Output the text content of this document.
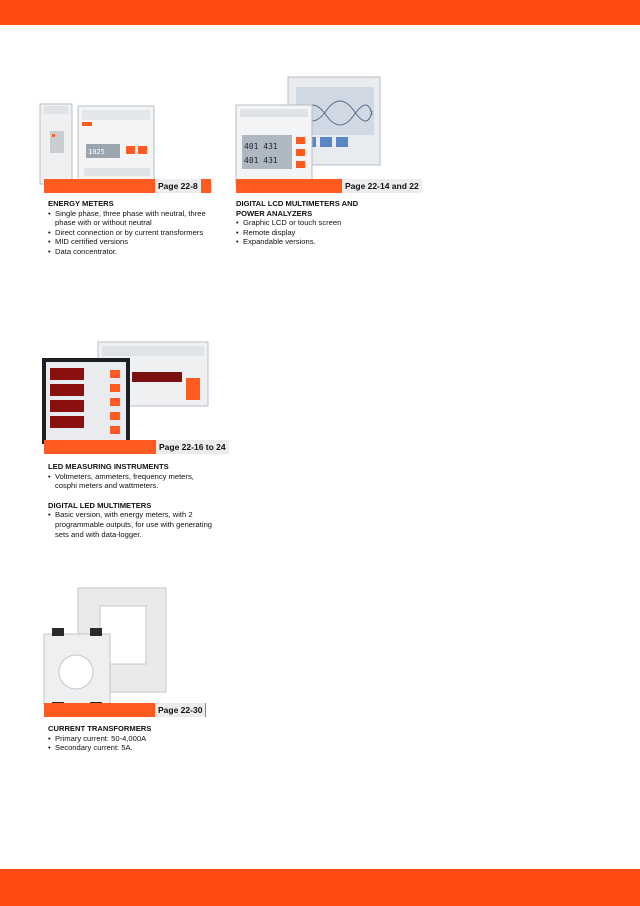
1025
Page 22-8
ENERGY METERS
• Single phase, three phase with neutral, three phase with or without neutral
• Direct connection or by current transformers
• MID certified versions
• Data concentrator.
401 431
401 431
Page 22-14 and 22
DIGITAL LCD MULTIMETERS AND
POWER ANALYZERS
• Graphic LCD or touch screen
• Remote display
• Expandable versions.
Page 22-16 to 24
LED MEASURING INSTRUMENTS
• Voltmeters, ammeters, frequency meters, cosphi meters and wattmeters.
DIGITAL LED MULTIMETERS
• Basic version, with energy meters, with 2 programmable outputs, for use with generating sets and with data-logger.
Page 22-30
CURRENT TRANSFORMERS
• Primary current: 50-4,000A
• Secondary current: 5A.
